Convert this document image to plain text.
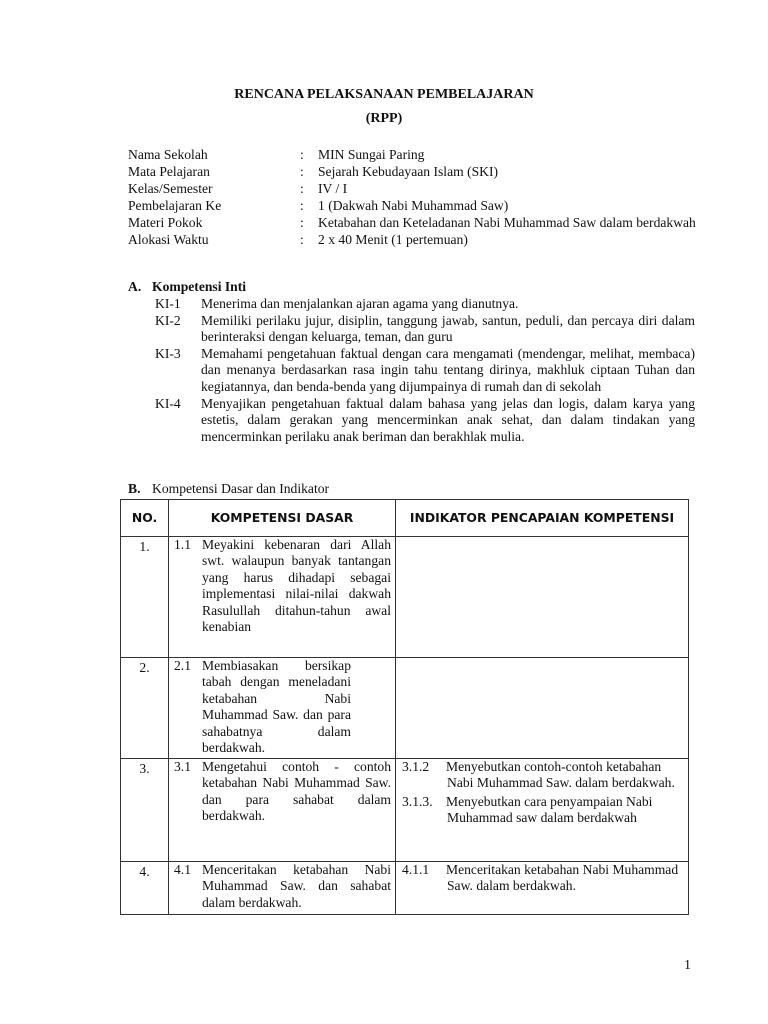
RENCANA PELAKSANAAN PEMBELAJARAN
(RPP)
Nama Sekolah	:	MIN Sungai Paring
Mata Pelajaran	:	Sejarah Kebudayaan Islam (SKI)
Kelas/Semester	:	IV / I
Pembelajaran Ke	:	1 (Dakwah Nabi Muhammad Saw)
Materi Pokok	:	Ketabahan dan Keteladanan Nabi Muhammad Saw dalam berdakwah
Alokasi Waktu	:	2 x 40 Menit (1 pertemuan)
A. Kompetensi Inti
KI-1	Menerima dan menjalankan ajaran agama yang dianutnya.
KI-2	Memiliki perilaku jujur, disiplin, tanggung jawab, santun, peduli, dan percaya diri dalam berinteraksi dengan keluarga, teman, dan guru
KI-3	Memahami pengetahuan faktual dengan cara mengamati (mendengar, melihat, membaca) dan menanya berdasarkan rasa ingin tahu tentang dirinya, makhluk ciptaan Tuhan dan kegiatannya, dan benda-benda yang dijumpainya di rumah dan di sekolah
KI-4	Menyajikan pengetahuan faktual dalam bahasa yang jelas dan logis, dalam karya yang estetis, dalam gerakan yang mencerminkan anak sehat, dan dalam tindakan yang mencerminkan perilaku anak beriman dan berakhlak mulia.
B. Kompetensi Dasar dan Indikator
NO.	KOMPETENSI DASAR	INDIKATOR PENCAPAIAN KOMPETENSI
1.	1.1 Meyakini kebenaran dari Allah swt. walaupun banyak tantangan yang harus dihadapi sebagai implementasi nilai-nilai dakwah Rasulullah ditahun-tahun awal kenabian	

2.	2.1 Membiasakan bersikap tabah dengan meneladani ketabahan Nabi Muhammad Saw. dan para sahabatnya dalam berdakwah.	

3.	3.1 Mengetahui contoh - contoh ketabahan Nabi Muhammad Saw. dan para sahabat dalam berdakwah.	3.1.2 Menyebutkan contoh-contoh ketabahan Nabi Muhammad Saw. dalam berdakwah.
3.1.3. Menyebutkan cara penyampaian Nabi Muhammad saw dalam berdakwah

4.	4.1 Menceritakan ketabahan Nabi Muhammad Saw. dan sahabat dalam berdakwah.	4.1.1 Menceritakan ketabahan Nabi Muhammad Saw. dalam berdakwah.
1
